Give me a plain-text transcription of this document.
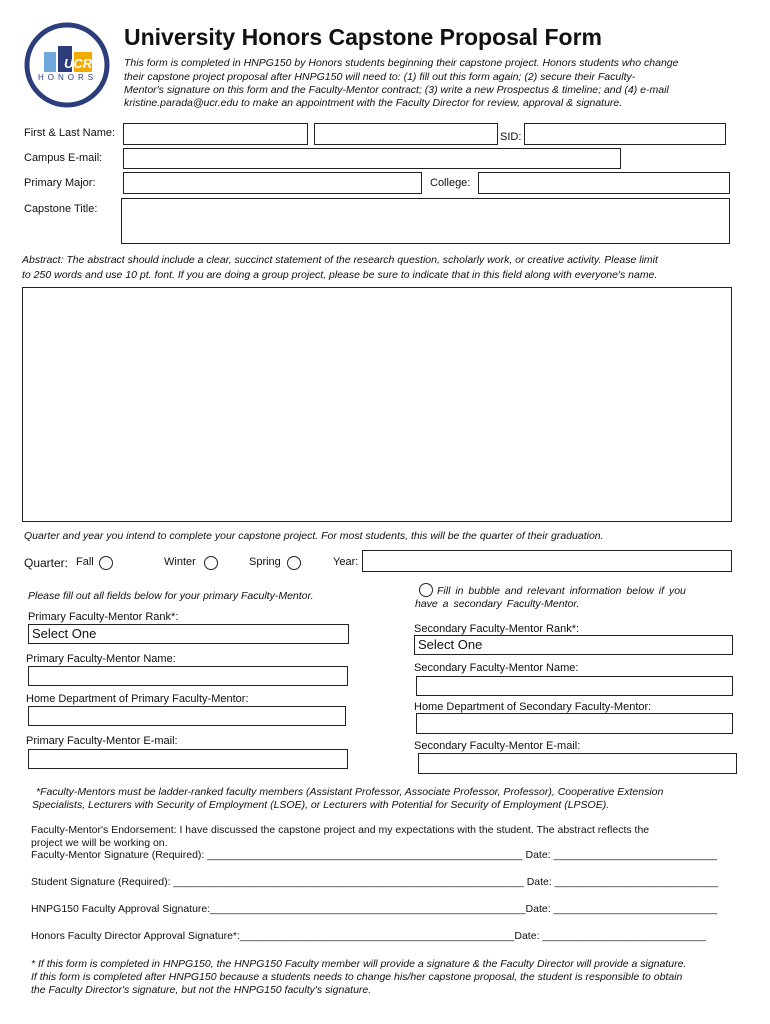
UCR
HONORS
University Honors Capstone Proposal Form
This form is completed in HNPG150 by Honors students beginning their capstone project. Honors students who change
their capstone project proposal after HNPG150 will need to: (1) fill out this form again; (2) secure their Faculty-
Mentor's signature on this form and the Faculty-Mentor contract; (3) write a new Prospectus & timeline; and (4) e-mail
kristine.parada@ucr.edu to make an appointment with the Faculty Director for review, approval & signature.
First & Last Name:	SID:
Campus E-mail:
Primary Major:	College:
Capstone Title:
Abstract: The abstract should include a clear, succinct statement of the research question, scholarly work, or creative activity. Please limit
to 250 words and use 10 pt. font. If you are doing a group project, please be sure to indicate that in this field along with everyone's name.
Quarter and year you intend to complete your capstone project. For most students, this will be the quarter of their graduation.
Quarter: Fall	Winter	Spring	Year:
Please fill out all fields below for your primary Faculty-Mentor.	Fill in bubble and relevant information below if you
have a secondary Faculty-Mentor.
Primary Faculty-Mentor Rank*:
Select One
Primary Faculty-Mentor Name:
Home Department of Primary Faculty-Mentor:
Primary Faculty-Mentor E-mail:
Secondary Faculty-Mentor Rank*:
Select One
Secondary Faculty-Mentor Name:
Home Department of Secondary Faculty-Mentor:
Secondary Faculty-Mentor E-mail:
*Faculty-Mentors must be ladder-ranked faculty members (Assistant Professor, Associate Professor, Professor), Cooperative Extension
Specialists, Lecturers with Security of Employment (LSOE), or Lecturers with Potential for Security of Employment (LPSOE).
Faculty-Mentor's Endorsement: I have discussed the capstone project and my expectations with the student. The abstract reflects the
project we will be working on.
Faculty-Mentor Signature (Required): ______________________________________________________ Date: ____________________________
Student Signature (Required): ____________________________________________________________ Date: ____________________________
HNPG150 Faculty Approval Signature:______________________________________________________Date: ____________________________
Honors Faculty Director Approval Signature*:_______________________________________________Date: ____________________________
* If this form is completed in HNPG150, the HNPG150 Faculty member will provide a signature & the Faculty Director will provide a signature.
If this form is completed after HNPG150 because a students needs to change his/her capstone proposal, the student is responsible to obtain
the Faculty Director's signature, but not the HNPG150 faculty's signature.
